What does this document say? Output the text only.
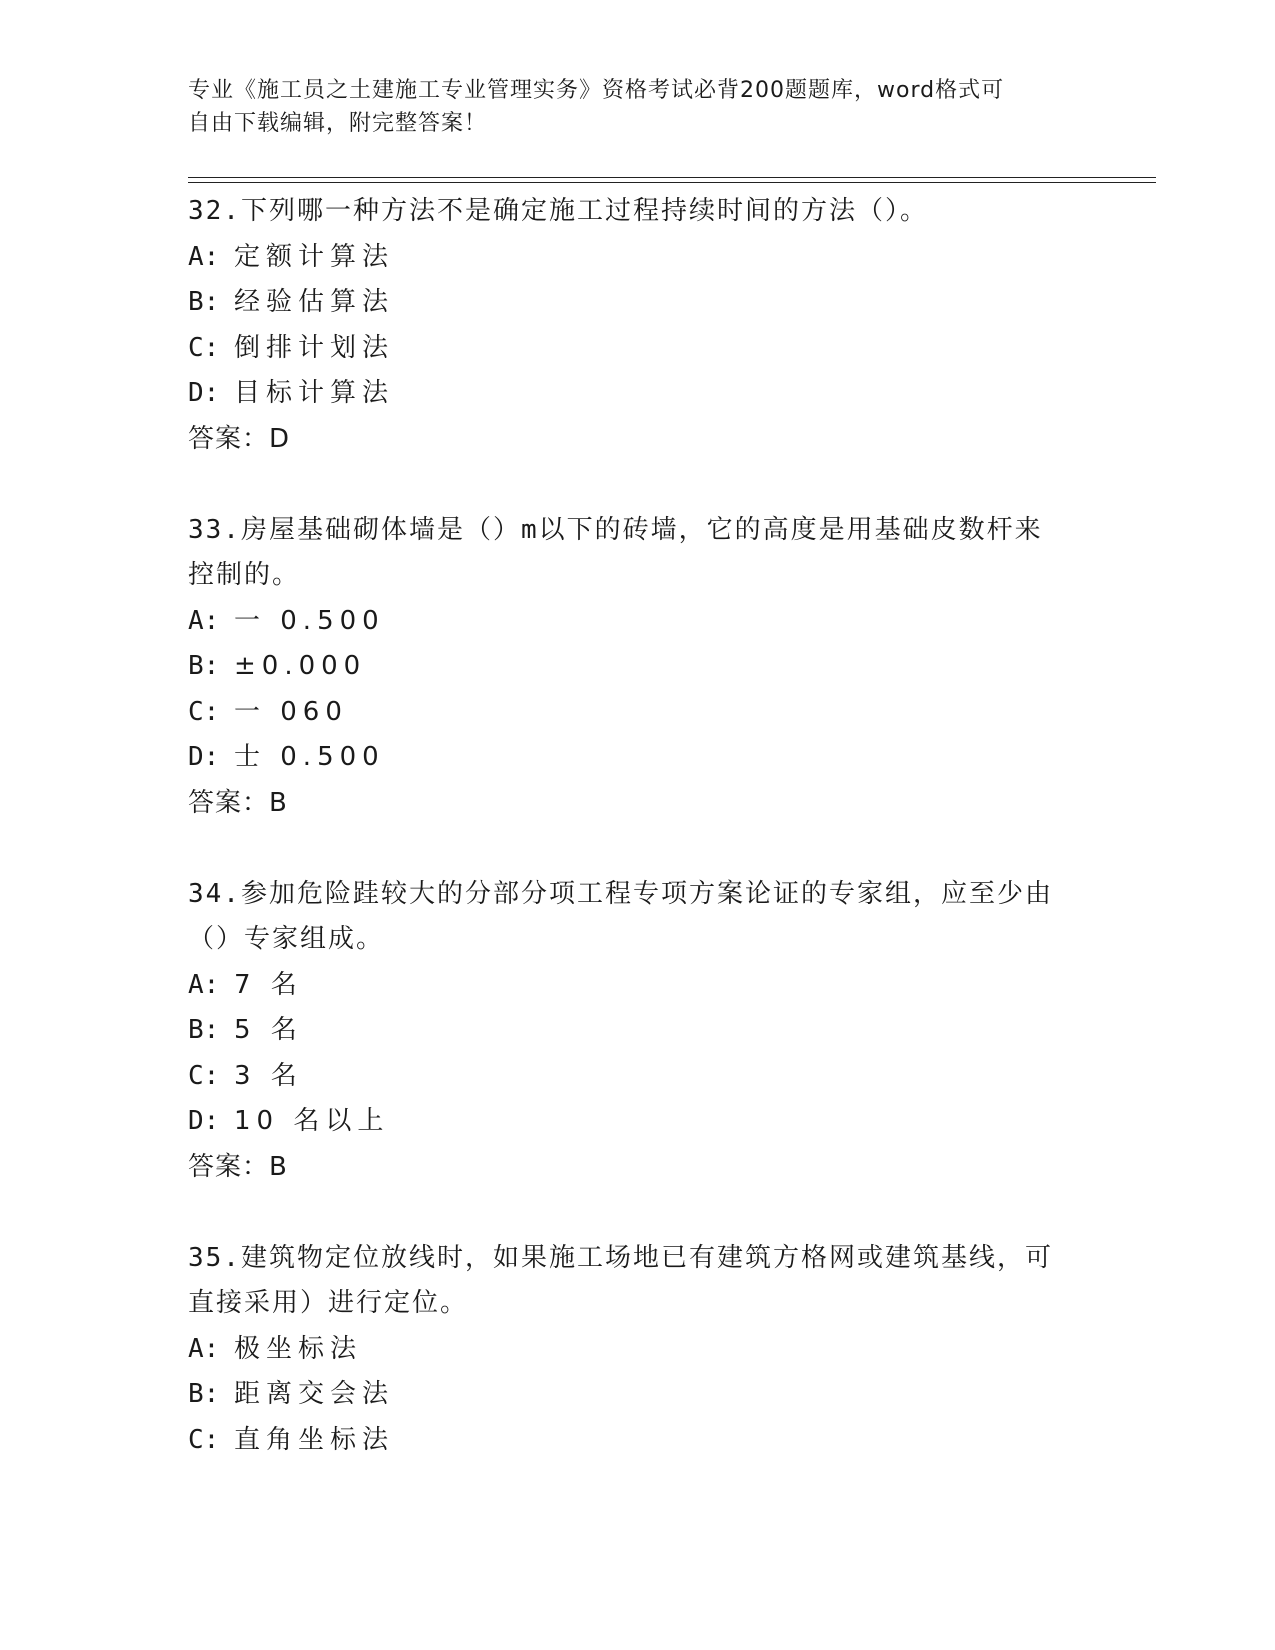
专业《施工员之土建施工专业管理实务》资格考试必背200题题库，word格式可
自由下载编辑，附完整答案！
32.下列哪一种方法不是确定施工过程持续时间的方法（）。
A: 定额计算法
B: 经验估算法
C: 倒排计划法
D: 目标计算法
答案：D
33.房屋基础砌体墙是（）m以下的砖墙，它的高度是用基础皮数杆来
控制的。
A: 一 0.500
B: ±0.000
C: 一 060
D: 士 0.500
答案：B
34.参加危险跬较大的分部分项工程专项方案论证的专家组，应至少由
（）专家组成。
A: 7 名
B: 5 名
C: 3 名
D: 10 名以上
答案：B
35.建筑物定位放线时，如果施工场地已有建筑方格网或建筑基线，可
直接采用）进行定位。
A: 极坐标法
B: 距离交会法
C: 直角坐标法
